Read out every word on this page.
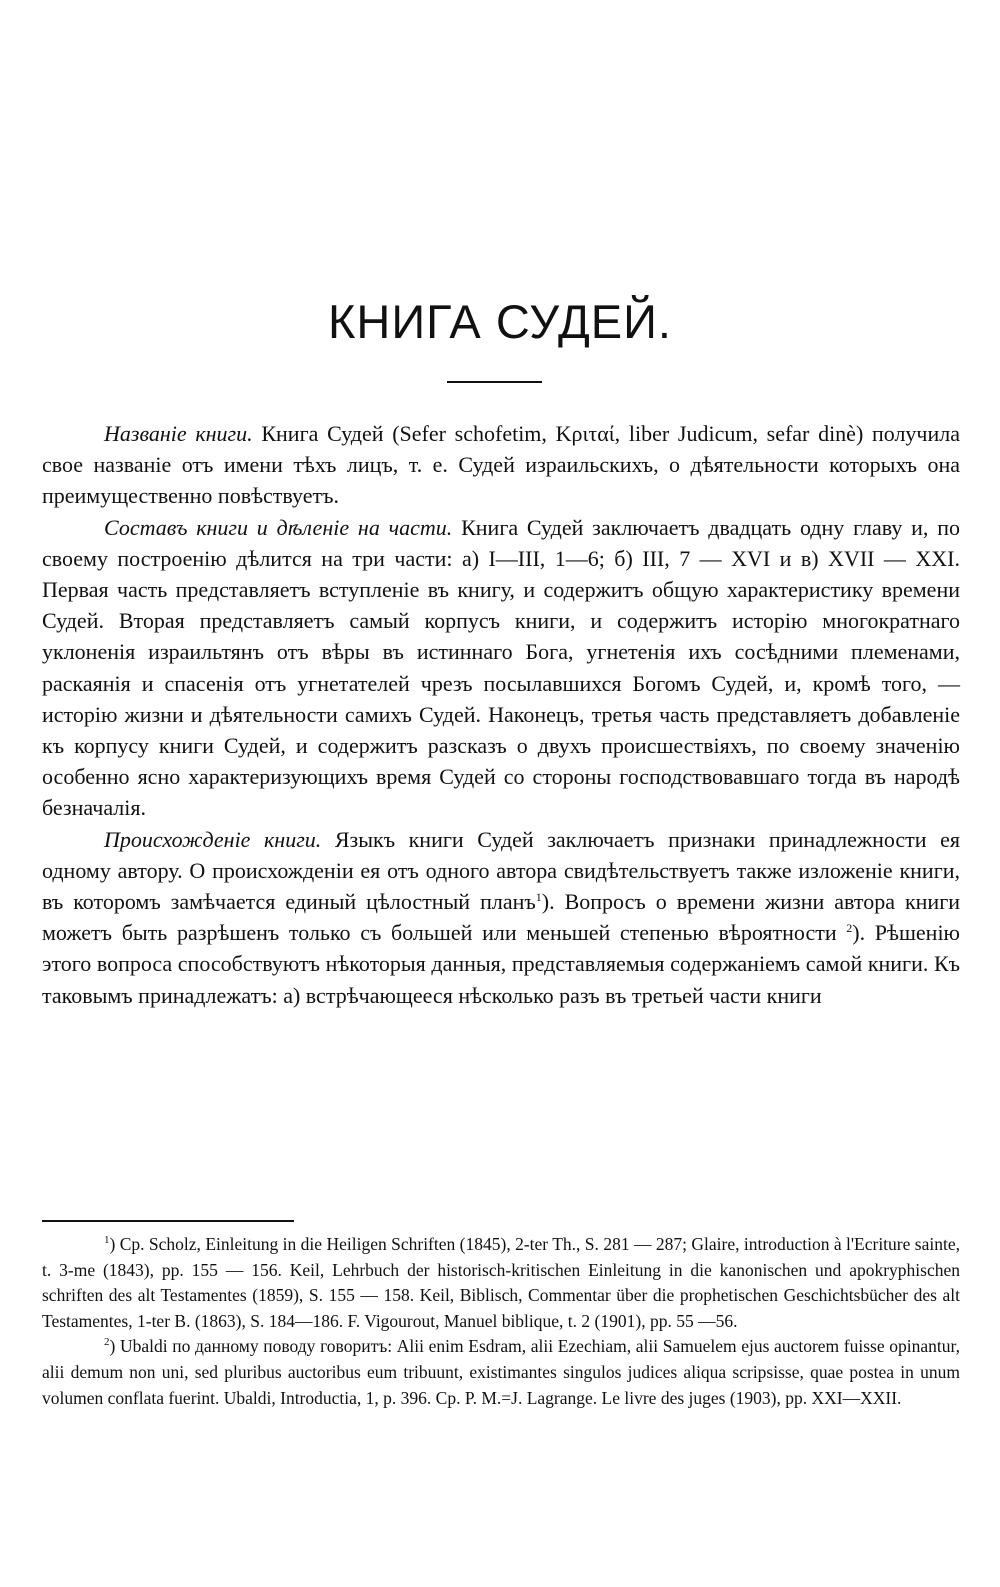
КНИГА СУДЕЙ.

Названіе книги. Книга Судей (Sefer schofetim, Κριταί, liber Judicum, sefar dinè) получила свое названіе отъ имени тѣхъ лицъ, т. е. Судей израильскихъ, о дѣятельности которыхъ она преимущественно повѣствуетъ.

Составъ книги и дѣленіе на части. Книга Судей заключаетъ двадцать одну главу и, по своему построенію дѣлится на три части: а) I—III, 1—6; б) III, 7 — XVI и в) XVII — XXI. Первая часть представляетъ вступленіе въ книгу, и содержитъ общую характеристику времени Судей. Вторая представляетъ самый корпусъ книги, и содержитъ исторію многократнаго уклоненія израильтянъ отъ вѣры въ истиннаго Бога, угнетенія ихъ сосѣдними племенами, раскаянія и спасенія отъ угнетателей чрезъ посылавшихся Богомъ Судей, и, кромѣ того, — исторію жизни и дѣятельности самихъ Судей. Наконецъ, третья часть представляетъ добавленіе къ корпусу книги Судей, и содержитъ разсказъ о двухъ происшествіяхъ, по своему значенію особенно ясно характеризующихъ время Судей со стороны господствовавшаго тогда въ народѣ безначалія.

Происхожденіе книги. Языкъ книги Судей заключаетъ признаки принадлежности ея одному автору. О происхожденіи ея отъ одного автора свидѣтельствуетъ также изложеніе книги, въ которомъ замѣчается единый цѣлостный планъ$^1$). Вопросъ о времени жизни автора книги можетъ быть разрѣшенъ только съ большей или меньшей степенью вѣроятности $^2$). Рѣшенію этого вопроса способствуютъ нѣкоторыя данныя, представляемыя содержаніемъ самой книги. Къ таковымъ принадлежатъ: а) встрѣчающееся нѣсколько разъ въ третьей части книги

$^1$) Cp. Scholz, Einleitung in die Heiligen Schriften (1845), 2-ter Th., S. 281 — 287; Glaire, introduction à l'Ecriture sainte, t. 3-me (1843), pp. 155 — 156. Keil, Lehrbuch der historisch-kritischen Einleitung in die kanonischen und apokryphischen schriften des alt Testamentes (1859), S. 155 — 158. Keil, Biblisch, Commentar über die prophetischen Geschichtsbücher des alt Testamentes, 1-ter B. (1863), S. 184—186. F. Vigourout, Manuel biblique, t. 2 (1901), pp. 55 —56.

$^2$) Ubaldi по данному поводу говоритъ: Alii enim Esdram, alii Ezechiam, alii Samuelem ejus auctorem fuisse opinantur, alii demum non uni, sed pluribus auctoribus eum tribuunt, existimantes singulos judices aliqua scripsisse, quae postea in unum volumen conflata fuerint. Ubaldi, Introductia, 1, p. 396. Cp. P. M.=J. Lagrange. Le livre des juges (1903), pp. XXI—XXII.
